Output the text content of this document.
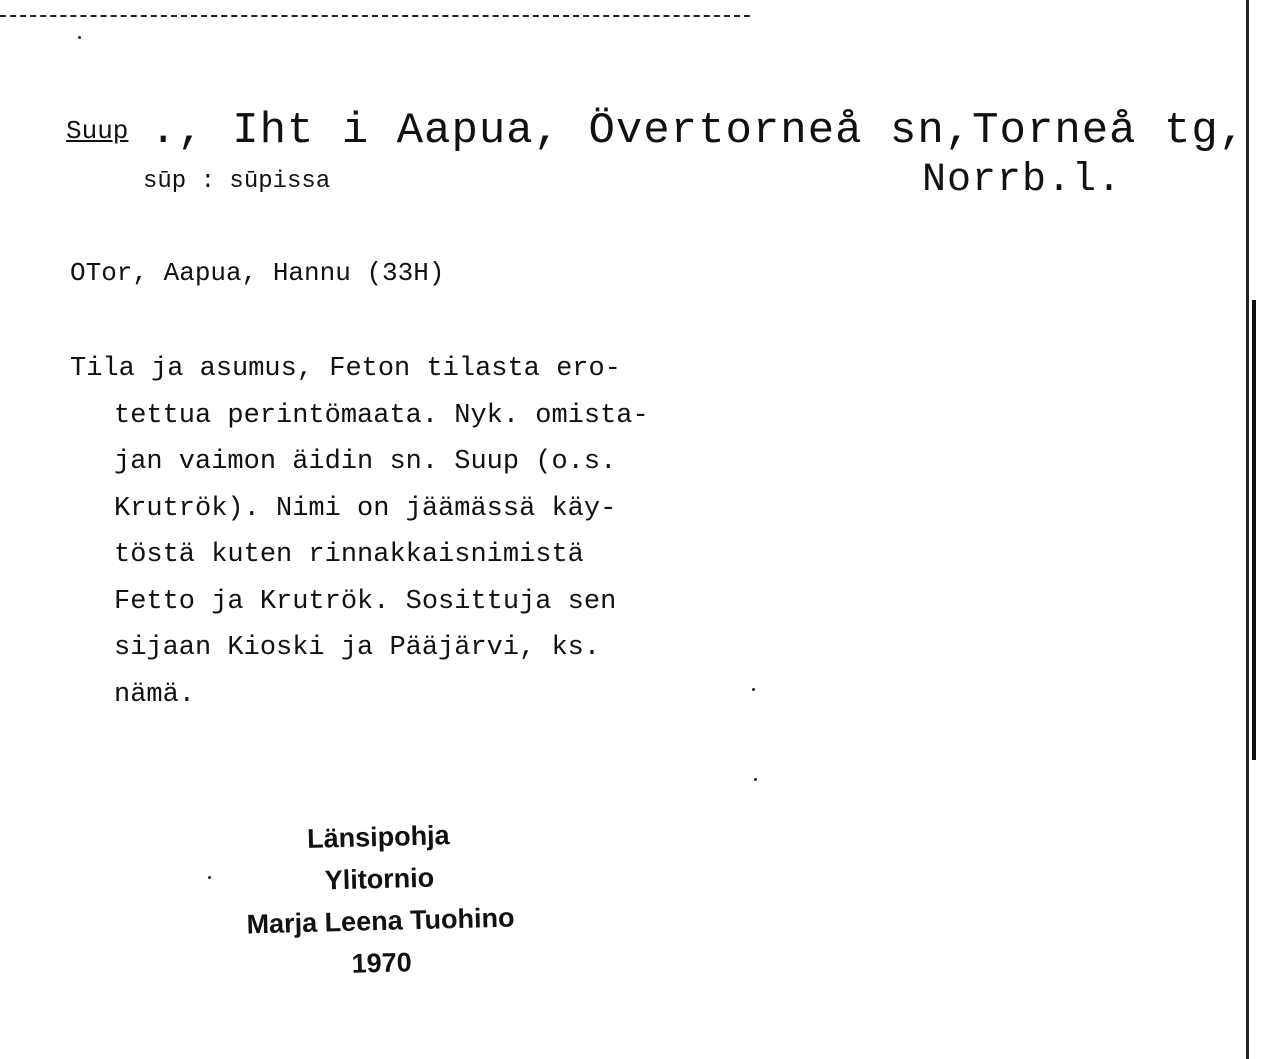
Suup ., Iht i Aapua, Övertorneå sn,Torneå tg,
Norrb.l.
sūp : sūpissa
OTor, Aapua, Hannu (33H)
Tila ja asumus, Feton tilasta ero-
tettua perintömaata. Nyk. omista-
jan vaimon äidin sn. Suup (o.s.
Krutrök). Nimi on jäämässä käy-
töstä kuten rinnakkaisnimistä
Fetto ja Krutrök. Sosittuja sen
sijaan Kioski ja Pääjärvi, ks.
nämä.
Länsipohja
Ylitornio
Marja Leena Tuohino
1970
